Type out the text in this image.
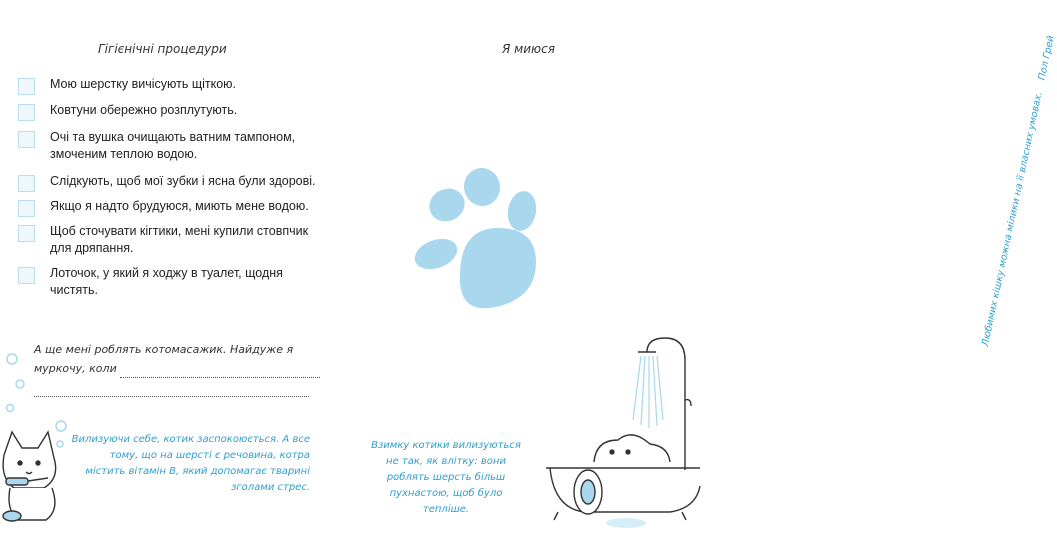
Гігієнічні процедури
Мою шерстку вичісують щіткою.
Ковтуни обережно розплутують.
Очі та вушка очищають ватним тампоном, змоченим теплою водою.
Слідкують, щоб мої зубки і ясна були здорові.
Якщо я надто брудуюся, миють мене водою.
Щоб сточувати кігтики, мені купили стовпчик для дряпання.
Лоточок, у який я ходжу в туалет, щодня чистять.
А ще мені роблять котомасажик. Найдуже я
муркочу, коли
Вилизуючи себе, котик заспокоюється. А все тому, що на шерсті є речовина, котра містить вітамін В, який допомагає тварині зголами стрес.
Я миюся
Любимих кішку можна мілики на її власних умовах.    Пол Грей
Взимку котики вилизуються не так, як влітку: вони роблять шерсть більш пухнастою, щоб було тепліше.
